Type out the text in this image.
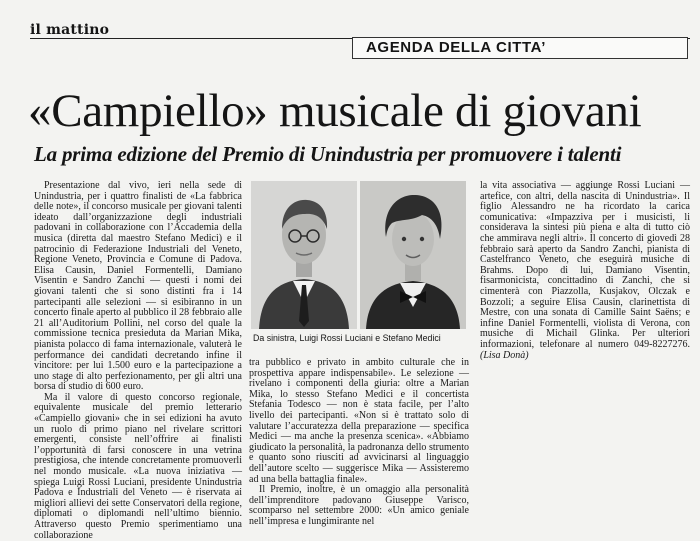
il mattino
AGENDA DELLA CITTA’
«Campiello» musicale di giovani
La prima edizione del Premio di Unindustria per promuovere i talenti

Presentazione dal vivo, ieri nella sede di Unindustria, per i quattro finalisti de «La fabbrica delle note», il concorso musicale per giovani talenti ideato dall’organizzazione degli industriali padovani in collaborazione con l’Accademia della musica (diretta dal maestro Stefano Medici) e il patrocinio di Federazione Industriali del Veneto, Regione Veneto, Provincia e Comune di Padova. Elisa Causin, Daniel Formentelli, Damiano Visentin e Sandro Zanchi — questi i nomi dei giovani talenti che si sono distinti fra i 14 partecipanti alle selezioni — si esibiranno in un concerto finale aperto al pubblico il 28 febbraio alle 21 all’Auditorium Pollini, nel corso del quale la commissione tecnica presieduta da Marian Mika, pianista polacco di fama internazionale, valuterà le performance dei candidati decretando infine il vincitore: per lui 1.500 euro e la partecipazione a uno stage di alto perfezionamento, per gli altri una borsa di studio di 600 euro.

Ma il valore di questo concorso regionale, equivalente musicale del premio letterario «Campiello giovani» che in sei edizioni ha avuto un ruolo di primo piano nel rivelare scrittori emergenti, consiste nell’offrire ai finalisti l’opportunità di farsi conoscere in una vetrina prestigiosa, che intende concretamente promuoverli nel mondo musicale. «La nuova iniziativa — spiega Luigi Rossi Luciani, presidente Unindustria Padova e Industriali del Veneto — è riservata ai migliori allievi dei sette Conservatori della regione, diplomati o diplomandi nell’ultimo biennio. Attraverso questo Premio sperimentiamo una collaborazione

Da sinistra, Luigi Rossi Luciani e Stefano Medici

tra pubblico e privato in ambito culturale che in prospettiva appare indispensabile». Le selezione — rivelano i componenti della giuria: oltre a Marian Mika, lo stesso Stefano Medici e il concertista Stefania Todesco — non è stata facile, per l’alto livello dei partecipanti. «Non si è trattato solo di valutare l’accuratezza della preparazione — specifica Medici — ma anche la presenza scenica». «Abbiamo giudicato la personalità, la padronanza dello strumento e quanto sono riusciti ad avvicinarsi al linguaggio dell’autore scelto — suggerisce Mika — Assisteremo ad una bella battaglia finale».

Il Premio, inoltre, è un omaggio alla personalità dell’imprenditore padovano Giuseppe Varisco, scomparso nel settembre 2000: «Un amico geniale nell’impresa e lungimirante nel

la vita associativa — aggiunge Rossi Luciani — artefice, con altri, della nascita di Unindustria». Il figlio Alessandro ne ha ricordato la carica comunicativa: «Impazziva per i musicisti, li considerava la sintesi più piena e alta di tutto ciò che ammirava negli altri». Il concerto di giovedì 28 febbraio sarà aperto da Sandro Zanchi, pianista di Castelfranco Veneto, che eseguirà musiche di Brahms. Dopo di lui, Damiano Visentin, fisarmonicista, concittadino di Zanchi, che si cimenterà con Piazzolla, Kusjakov, Olczak e Bozzoli; a seguire Elisa Causin, clarinettista di Mestre, con una sonata di Camille Saint Saëns; e infine Daniel Formentelli, violista di Verona, con musiche di Michail Glinka. Per ulteriori informazioni, telefonare al numero 049-8227276. (Lisa Donà)
